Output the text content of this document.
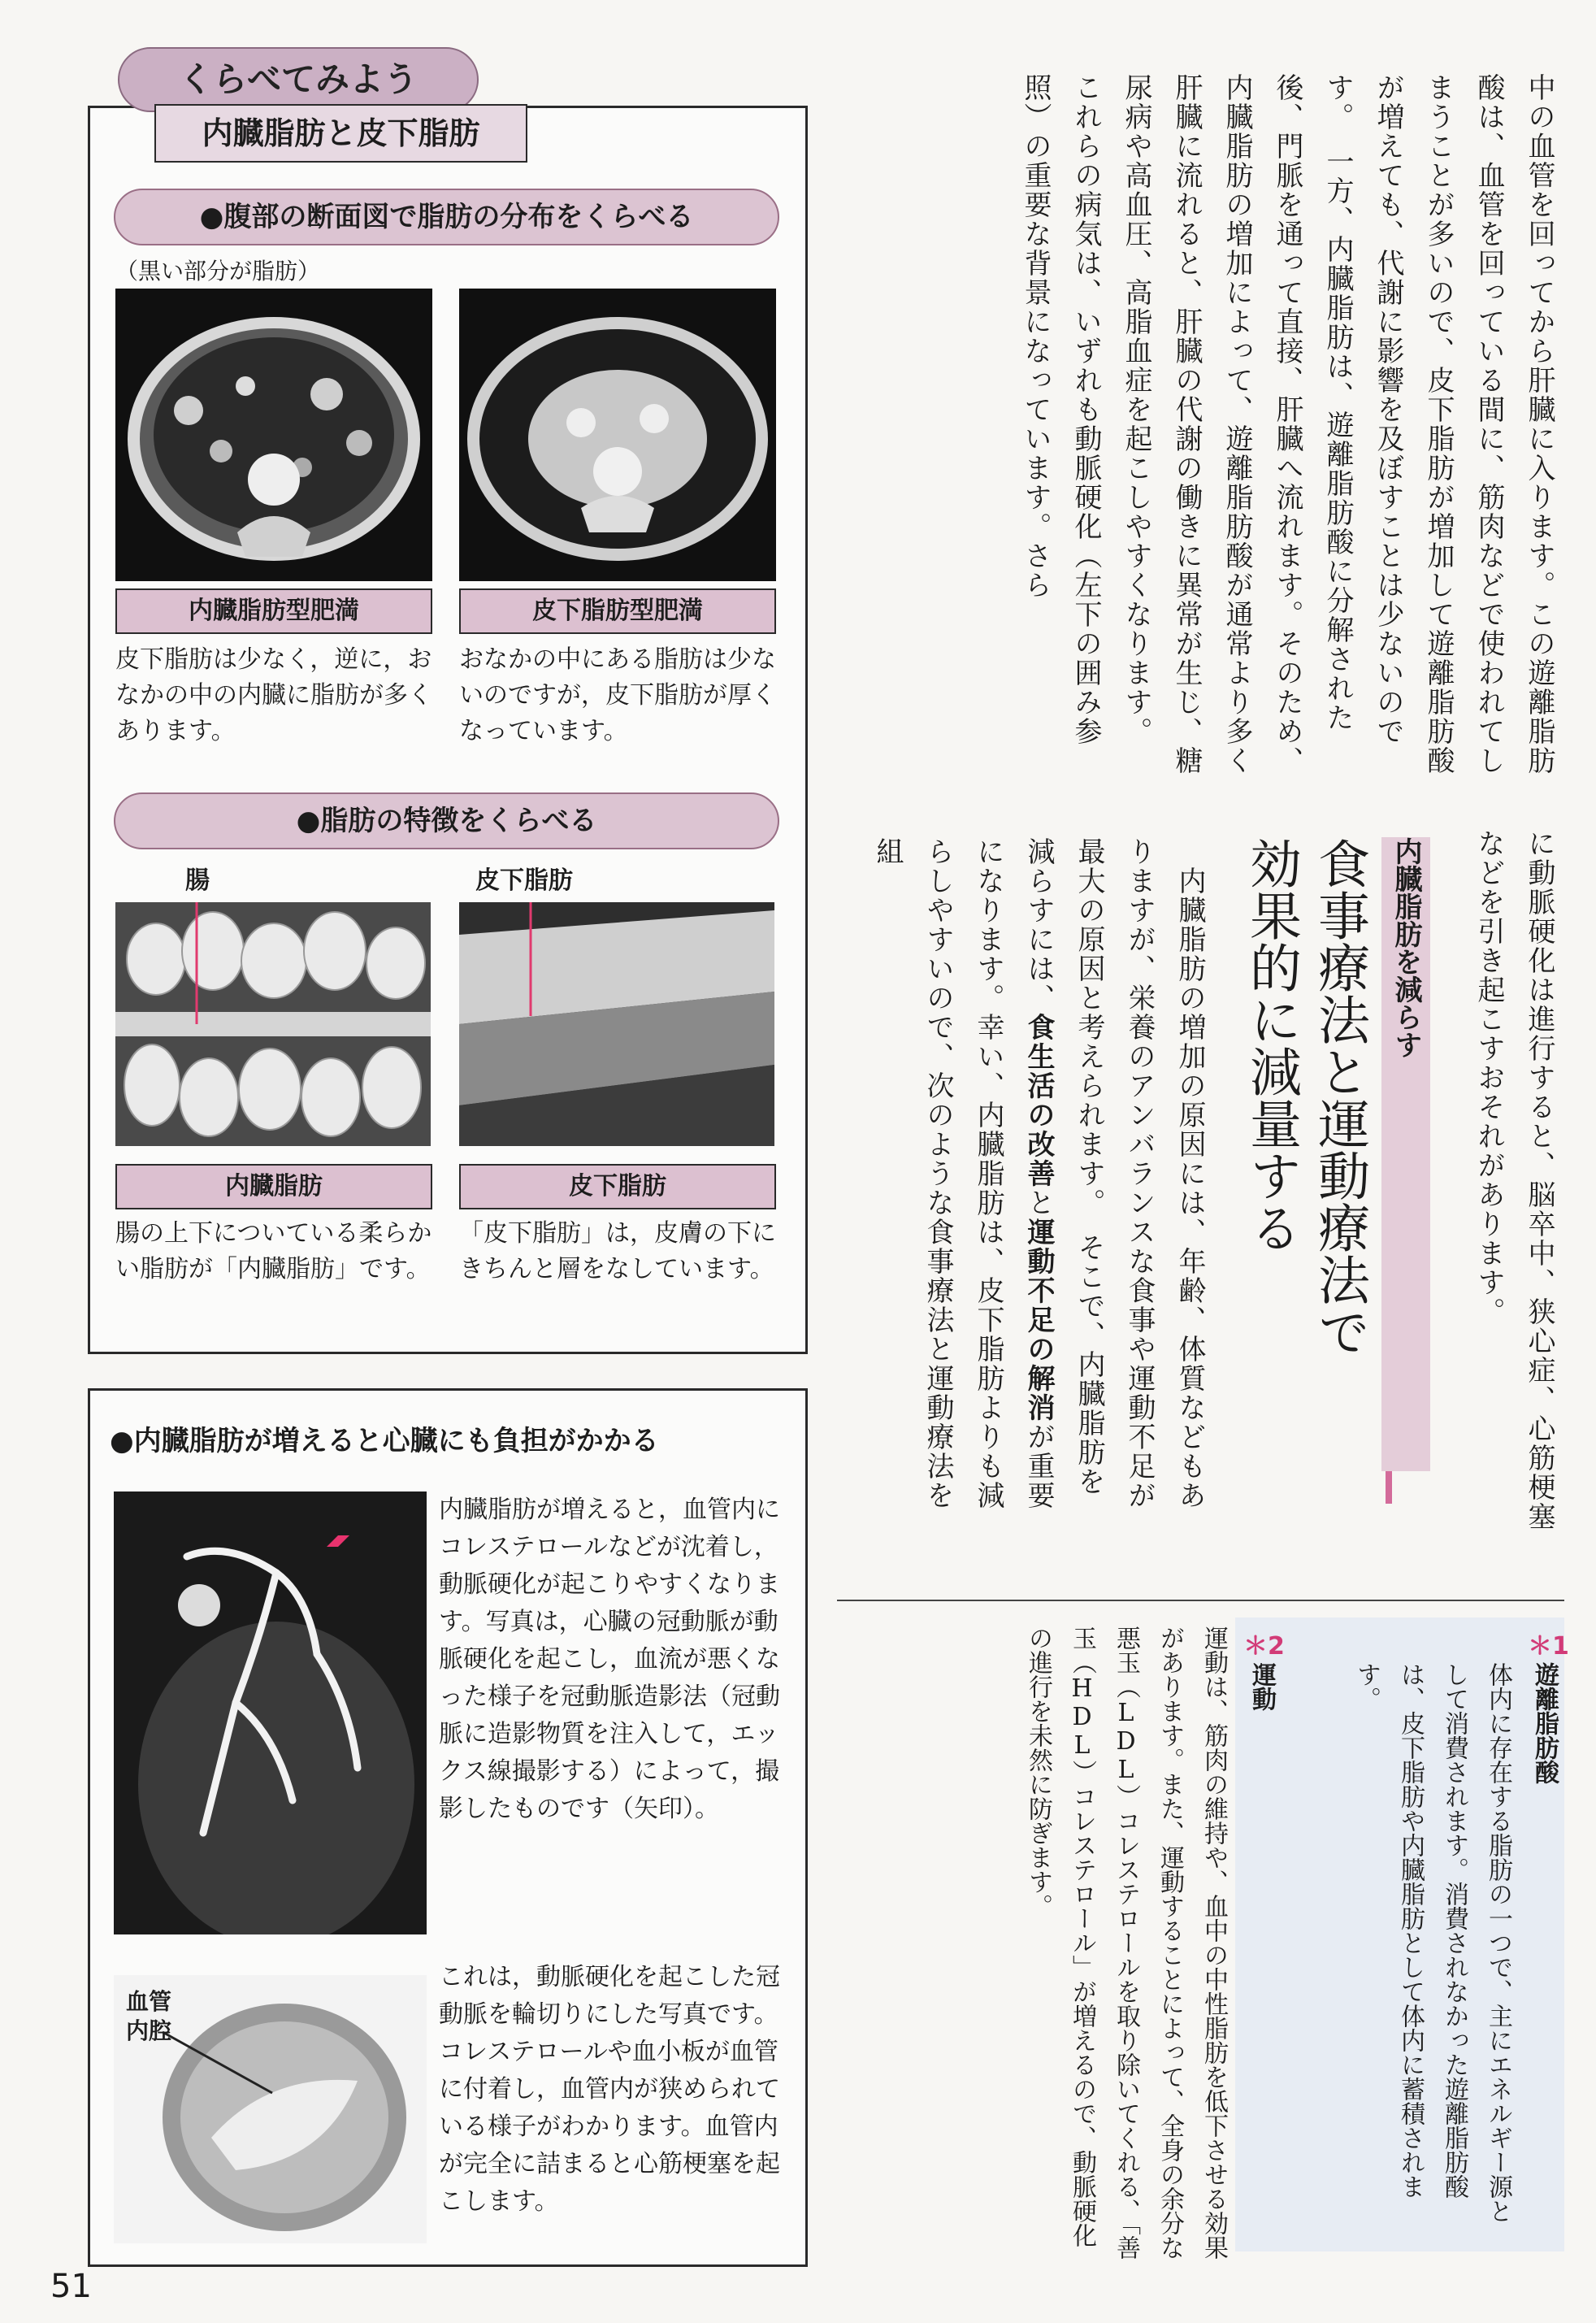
くらべてみよう
内臓脂肪と皮下脂肪
●腹部の断面図で脂肪の分布をくらべる
（黒い部分が脂肪）
内臓脂肪型肥満	皮下脂肪型肥満
皮下脂肪は少なく，逆に，おなかの中の内臓に脂肪が多くあります。
おなかの中にある脂肪は少ないのですが，皮下脂肪が厚くなっています。
●脂肪の特徴をくらべる
腸	皮下脂肪
内臓脂肪	皮下脂肪
腸の上下についている柔らかい脂肪が「内臓脂肪」です。
「皮下脂肪」は，皮膚の下にきちんと層をなしています。
●内臓脂肪が増えると心臓にも負担がかかる
内臓脂肪が増えると，血管内にコレステロールなどが沈着し，動脈硬化が起こりやすくなります。写真は，心臓の冠動脈が動脈硬化を起こし，血流が悪くなった様子を冠動脈造影法（冠動脈に造影物質を注入して，エックス線撮影する）によって，撮影したものです（矢印）。
血管内腔
これは，動脈硬化を起こした冠動脈を輪切りにした写真です。コレステロールや血小板が血管に付着し，血管内が狭められている様子がわかります。血管内が完全に詰まると心筋梗塞を起こします。
中の血管を回ってから肝臓に入ります。この遊離脂肪酸は、血管を回っている間に、筋肉などで使われてしまうことが多いので、皮下脂肪が増加して遊離脂肪酸が増えても、代謝に影響を及ぼすことは少ないのです。　一方、内臓脂肪は、遊離脂肪酸に分解された後、門脈を通って直接、肝臓へ流れます。そのため、内臓脂肪の増加によって、遊離脂肪酸が通常より多く肝臓に流れると、肝臓の代謝の働きに異常が生じ、糖尿病や高血圧、高脂血症を起こしやすくなります。　これらの病気は、いずれも動脈硬化（左下の囲み参照）の重要な背景になっています。さら
に動脈硬化は進行すると、脳卒中、狭心症、心筋梗塞などを引き起こすおそれがあります。
内臓脂肪を減らす
食事療法と運動療法で
効果的に減量する
　内臓脂肪の増加の原因には、年齢、体質などもありますが、栄養のアンバランスな食事や運動不足が最大の原因と考えられます。　そこで、内臓脂肪を減らすには、食生活の改善と運動不足の解消が重要になります。幸い、内臓脂肪は、皮下脂肪よりも減らしやすいので、次のような食事療法と運動療法を組
＊1
遊離脂肪酸
体内に存在する脂肪の一つで、主にエネルギー源として消費されます。消費されなかった遊離脂肪酸は、皮下脂肪や内臓脂肪として体内に蓄積されます。
＊2
運動
運動は、筋肉の維持や、血中の中性脂肪を低下させる効果があります。また、運動することによって、全身の余分な悪玉（LDL）コレステロールを取り除いてくれる、「善玉（HDL）コレステロール」が増えるので、動脈硬化の進行を未然に防ぎます。
51
